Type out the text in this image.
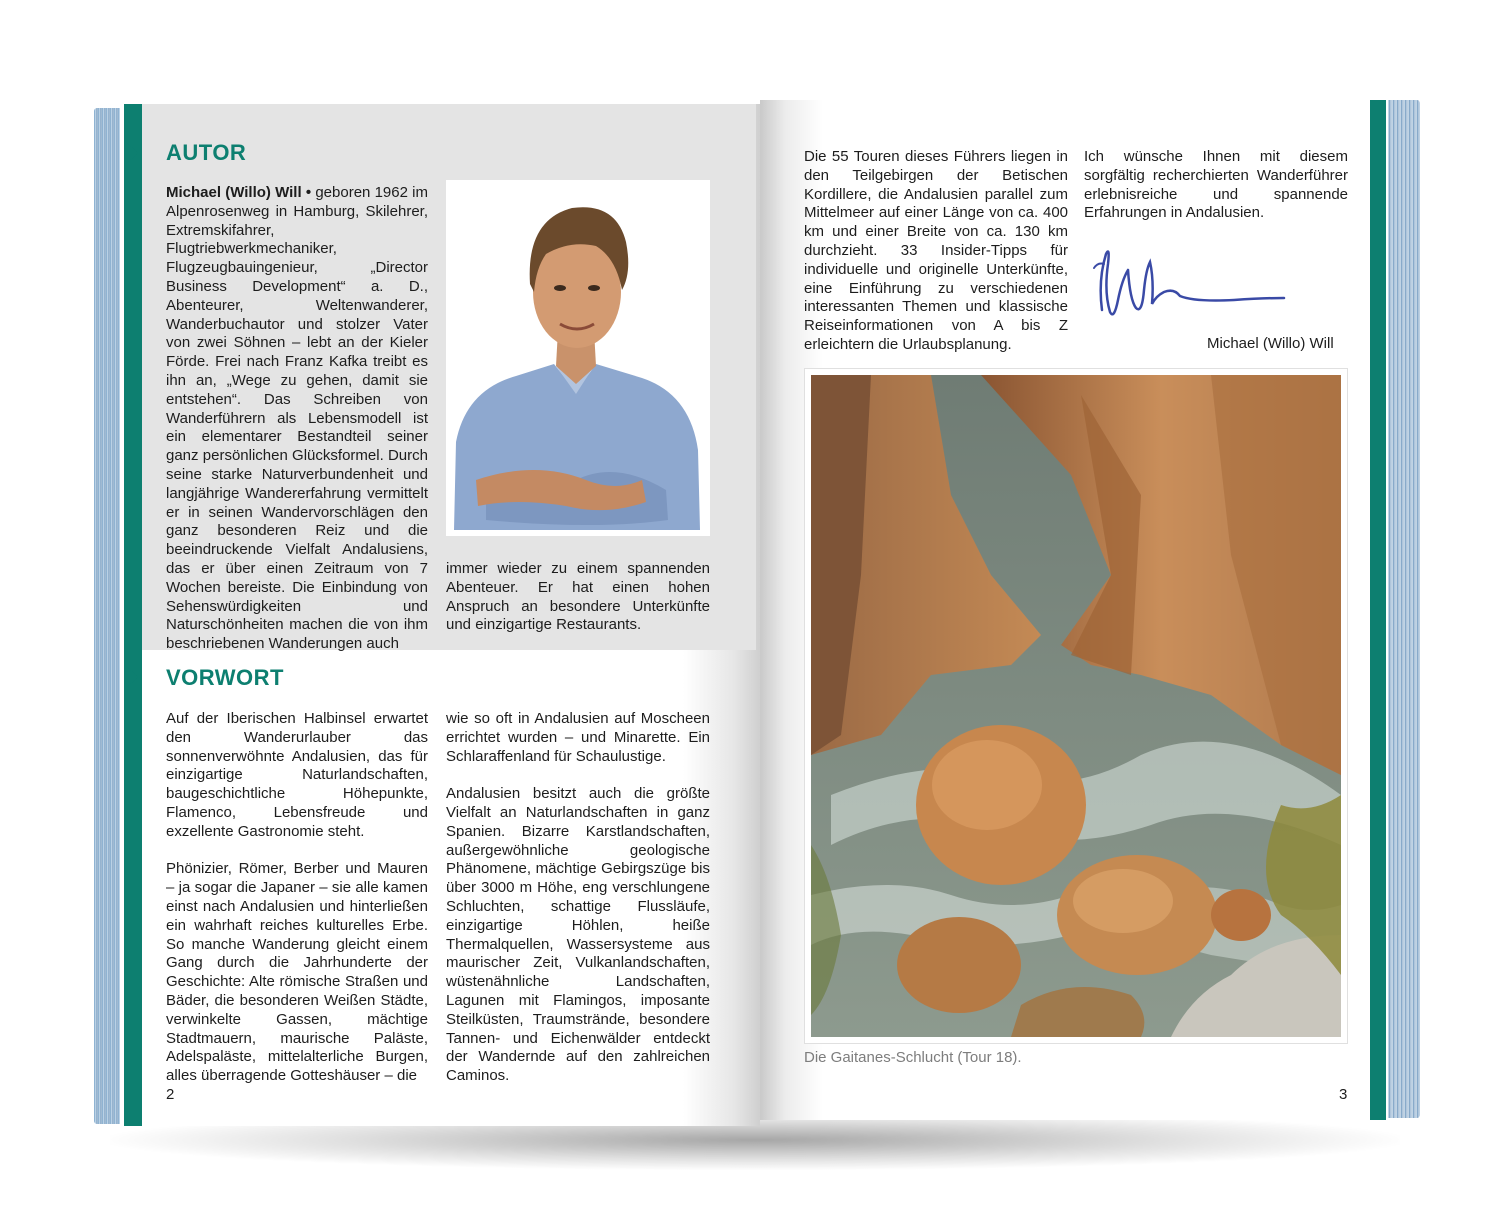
AUTOR
Michael (Willo) Will • geboren 1962 im Alpenrosenweg in Hamburg, Skilehrer, Extremskifahrer, Flugtriebwerkmechaniker, Flugzeugbauingenieur, „Director Business Development“ a. D., Abenteurer, Weltenwanderer, Wanderbuchautor und stolzer Vater von zwei Söhnen – lebt an der Kieler Förde. Frei nach Franz Kafka treibt es ihn an, „Wege zu gehen, damit sie entstehen“. Das Schreiben von Wanderführern als Lebensmodell ist ein elementarer Bestandteil seiner ganz persönlichen Glücksformel. Durch seine starke Naturverbundenheit und langjährige Wandererfahrung vermittelt er in seinen Wandervorschlägen den ganz besonderen Reiz und die beeindruckende Vielfalt Andalusiens, das er über einen Zeitraum von 7 Wochen bereiste. Die Einbindung von Sehenswürdigkeiten und Naturschönheiten machen die von ihm beschriebenen Wanderungen auch
immer wieder zu einem spannenden Abenteuer. Er hat einen hohen Anspruch an besondere Unterkünfte und einzigartige Restaurants.
VORWORT

Auf der Iberischen Halbinsel erwartet den Wanderurlauber das sonnenverwöhnte Andalusien, das für einzigartige Naturlandschaften, baugeschichtliche Höhepunkte, Flamenco, Lebensfreude und exzellente Gastronomie steht.

Phönizier, Römer, Berber und Mauren – ja sogar die Japaner – sie alle kamen einst nach Andalusien und hinterließen ein wahrhaft reiches kulturelles Erbe. So manche Wanderung gleicht einem Gang durch die Jahrhunderte der Geschichte: Alte römische Straßen und Bäder, die besonderen Weißen Städte, verwinkelte Gassen, mächtige Stadtmauern, maurische Paläste, Adelspaläste, mittelalterliche Burgen, alles überragende Gotteshäuser – die

wie so oft in Andalusien auf Moscheen errichtet wurden – und Minarette. Ein Schlaraffenland für Schaulustige.

Andalusien besitzt auch die größte Vielfalt an Naturlandschaften in ganz Spanien. Bizarre Karstlandschaften, außergewöhnliche geologische Phänomene, mächtige Gebirgszüge bis über 3000 m Höhe, eng verschlungene Schluchten, schattige Flussläufe, einzigartige Höhlen, heiße Thermalquellen, Wassersysteme aus maurischer Zeit, Vulkanlandschaften, wüstenähnliche Landschaften, Lagunen mit Flamingos, imposante Steilküsten, Traumstrände, besondere Tannen- und Eichenwälder entdeckt der Wandernde auf den zahlreichen Caminos.

2
Die 55 Touren dieses Führers liegen in den Teilgebirgen der Betischen Kordillere, die Andalusien parallel zum Mittelmeer auf einer Länge von ca. 400 km und einer Breite von ca. 130 km durchzieht. 33 Insider-Tipps für individuelle und originelle Unterkünfte, eine Einführung zu verschiedenen interessanten Themen und klassische Reiseinformationen von A bis Z erleichtern die Urlaubsplanung.
Ich wünsche Ihnen mit diesem sorgfältig recherchierten Wanderführer erlebnisreiche und spannende Erfahrungen in Andalusien.
Michael (Willo) Will
Die Gaitanes-Schlucht (Tour 18).
3
